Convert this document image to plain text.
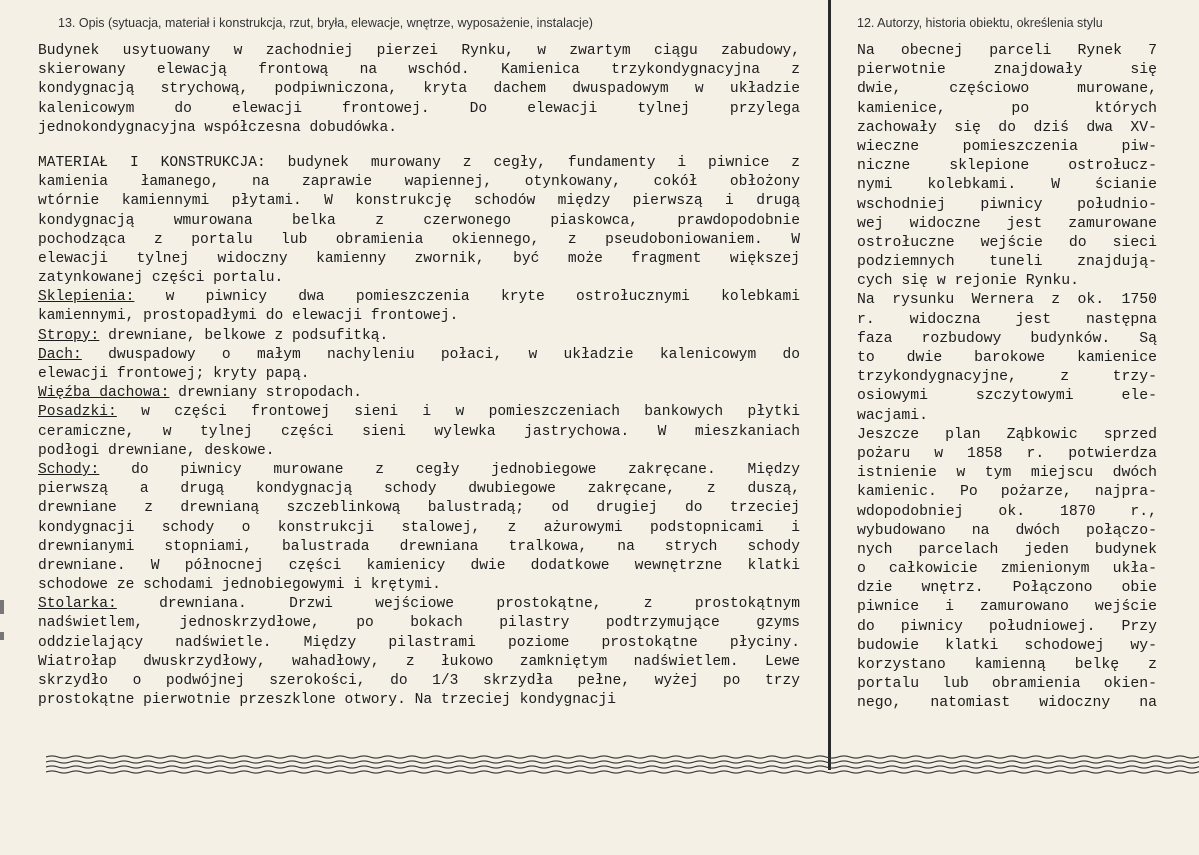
13. Opis (sytuacja, materiał i konstrukcja, rzut, bryła, elewacje, wnętrze, wyposażenie, instalacje)
Budynek usytuowany w zachodniej pierzei Rynku, w zwartym ciągu zabudowy,
skierowany elewacją frontową na wschód. Kamienica trzykondygnacyjna z
kondygnacją strychową, podpiwniczona, kryta dachem dwuspadowym w układzie
kalenicowym do elewacji frontowej. Do elewacji tylnej przylega
jednokondygnacyjna współczesna dobudówka.
MATERIAŁ I KONSTRUKCJA: budynek murowany z cegły, fundamenty i piwnice z
kamienia łamanego, na zaprawie wapiennej, otynkowany, cokół obłożony
wtórnie kamiennymi płytami. W konstrukcję schodów między pierwszą i drugą
kondygnacją wmurowana belka z czerwonego piaskowca, prawdopodobnie
pochodząca z portalu lub obramienia okiennego, z pseudoboniowaniem. W
elewacji tylnej widoczny kamienny zwornik, być może fragment większej
zatynkowanej części portalu.
Sklepienia: w piwnicy dwa pomieszczenia kryte ostrołucznymi kolebkami
kamiennymi, prostopadłymi do elewacji frontowej.
Stropy: drewniane, belkowe z podsufitką.
Dach: dwuspadowy o małym nachyleniu połaci, w układzie kalenicowym do
elewacji frontowej; kryty papą.
Więźba dachowa: drewniany stropodach.
Posadzki: w części frontowej sieni i w pomieszczeniach bankowych płytki
ceramiczne, w tylnej części sieni wylewka jastrychowa. W mieszkaniach
podłogi drewniane, deskowe.
Schody: do piwnicy murowane z cegły jednobiegowe zakręcane. Między
pierwszą a drugą kondygnacją schody dwubiegowe zakręcane, z duszą,
drewniane z drewnianą szczeblinkową balustradą; od drugiej do trzeciej
kondygnacji schody o konstrukcji stalowej, z ażurowymi podstopnicami i
drewnianymi stopniami, balustrada drewniana tralkowa, na strych schody
drewniane. W północnej części kamienicy dwie dodatkowe wewnętrzne klatki
schodowe ze schodami jednobiegowymi i krętymi.
Stolarka: drewniana. Drzwi wejściowe prostokątne, z prostokątnym
nadświetlem, jednoskrzydłowe, po bokach pilastry podtrzymujące gzyms
oddzielający nadświetle. Między pilastrami poziome prostokątne płyciny.
Wiatrołap dwuskrzydłowy, wahadłowy, z łukowo zamkniętym nadświetlem. Lewe
skrzydło o podwójnej szerokości, do 1/3 skrzydła pełne, wyżej po trzy
prostokątne pierwotnie przeszklone otwory. Na trzeciej kondygnacji
12. Autorzy, historia obiektu, określenia stylu
Na obecnej parceli Rynek 7
pierwotnie znajdowały się
dwie, częściowo murowane,
kamienice, po których
zachowały się do dziś dwa XV-
wieczne pomieszczenia piw-
niczne sklepione ostrołucz-
nymi kolebkami. W ścianie
wschodniej piwnicy południo-
wej widoczne jest zamurowane
ostrołuczne wejście do sieci
podziemnych tuneli znajdują-
cych się w rejonie Rynku.
Na rysunku Wernera z ok. 1750
r. widoczna jest następna
faza rozbudowy budynków. Są
to dwie barokowe kamienice
trzykondygnacyjne, z trzy-
osiowymi szczytowymi ele-
wacjami.
Jeszcze plan Ząbkowic sprzed
pożaru w 1858 r. potwierdza
istnienie w tym miejscu dwóch
kamienic. Po pożarze, najpra-
wdopodobniej ok. 1870 r.,
wybudowano na dwóch połączo-
nych parcelach jeden budynek
o całkowicie zmienionym ukła-
dzie wnętrz. Połączono obie
piwnice i zamurowano wejście
do piwnicy południowej. Przy
budowie klatki schodowej wy-
korzystano kamienną belkę z
portalu lub obramienia okien-
nego, natomiast widoczny na
